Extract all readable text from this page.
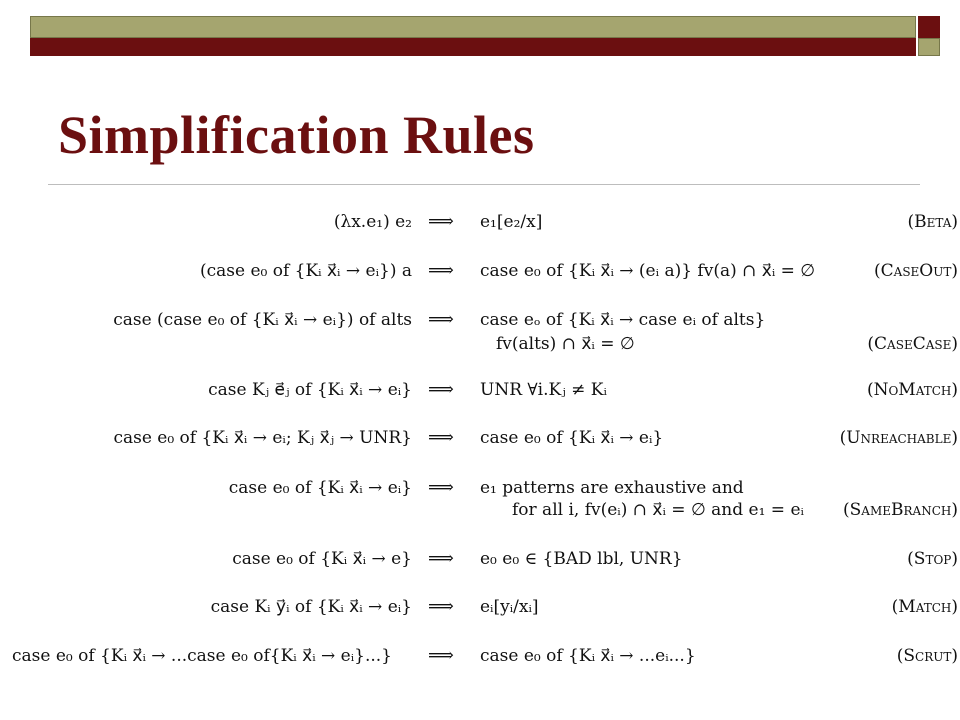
Simplification Rules
(λx.e₁) e₂ ⟹ e₁[e₂/x]	(Beta)
(case e₀ of {Kᵢ x⃗ᵢ → eᵢ}) a ⟹ case e₀ of {Kᵢ x⃗ᵢ → (eᵢ a)} fv(a) ∩ x⃗ᵢ = ∅	(CaseOut)
case (case e₀ of {Kᵢ x⃗ᵢ → eᵢ}) of alts ⟹ case eₒ of {Kᵢ x⃗ᵢ → case eᵢ of alts}
fv(alts) ∩ x⃗ᵢ = ∅	(CaseCase)
case Kⱼ e⃗ⱼ of {Kᵢ x⃗ᵢ → eᵢ} ⟹ UNR ∀i.Kⱼ ≠ Kᵢ	(NoMatch)
case e₀ of {Kᵢ x⃗ᵢ → eᵢ; Kⱼ x⃗ⱼ → UNR} ⟹ case e₀ of {Kᵢ x⃗ᵢ → eᵢ}	(Unreachable)
case e₀ of {Kᵢ x⃗ᵢ → eᵢ} ⟹ e₁ patterns are exhaustive and
for all i, fv(eᵢ) ∩ x⃗ᵢ = ∅ and e₁ = eᵢ (SameBranch)
case e₀ of {Kᵢ x⃗ᵢ → e} ⟹ e₀ e₀ ∈ {BAD lbl, UNR}	(Stop)
case Kᵢ y⃗ᵢ of {Kᵢ x⃗ᵢ → eᵢ} ⟹ eᵢ[yᵢ/xᵢ]	(Match)
case e₀ of {Kᵢ x⃗ᵢ → ...case e₀ of{Kᵢ x⃗ᵢ → eᵢ}...} ⟹ case e₀ of {Kᵢ x⃗ᵢ → ...eᵢ...}	(Scrut)
